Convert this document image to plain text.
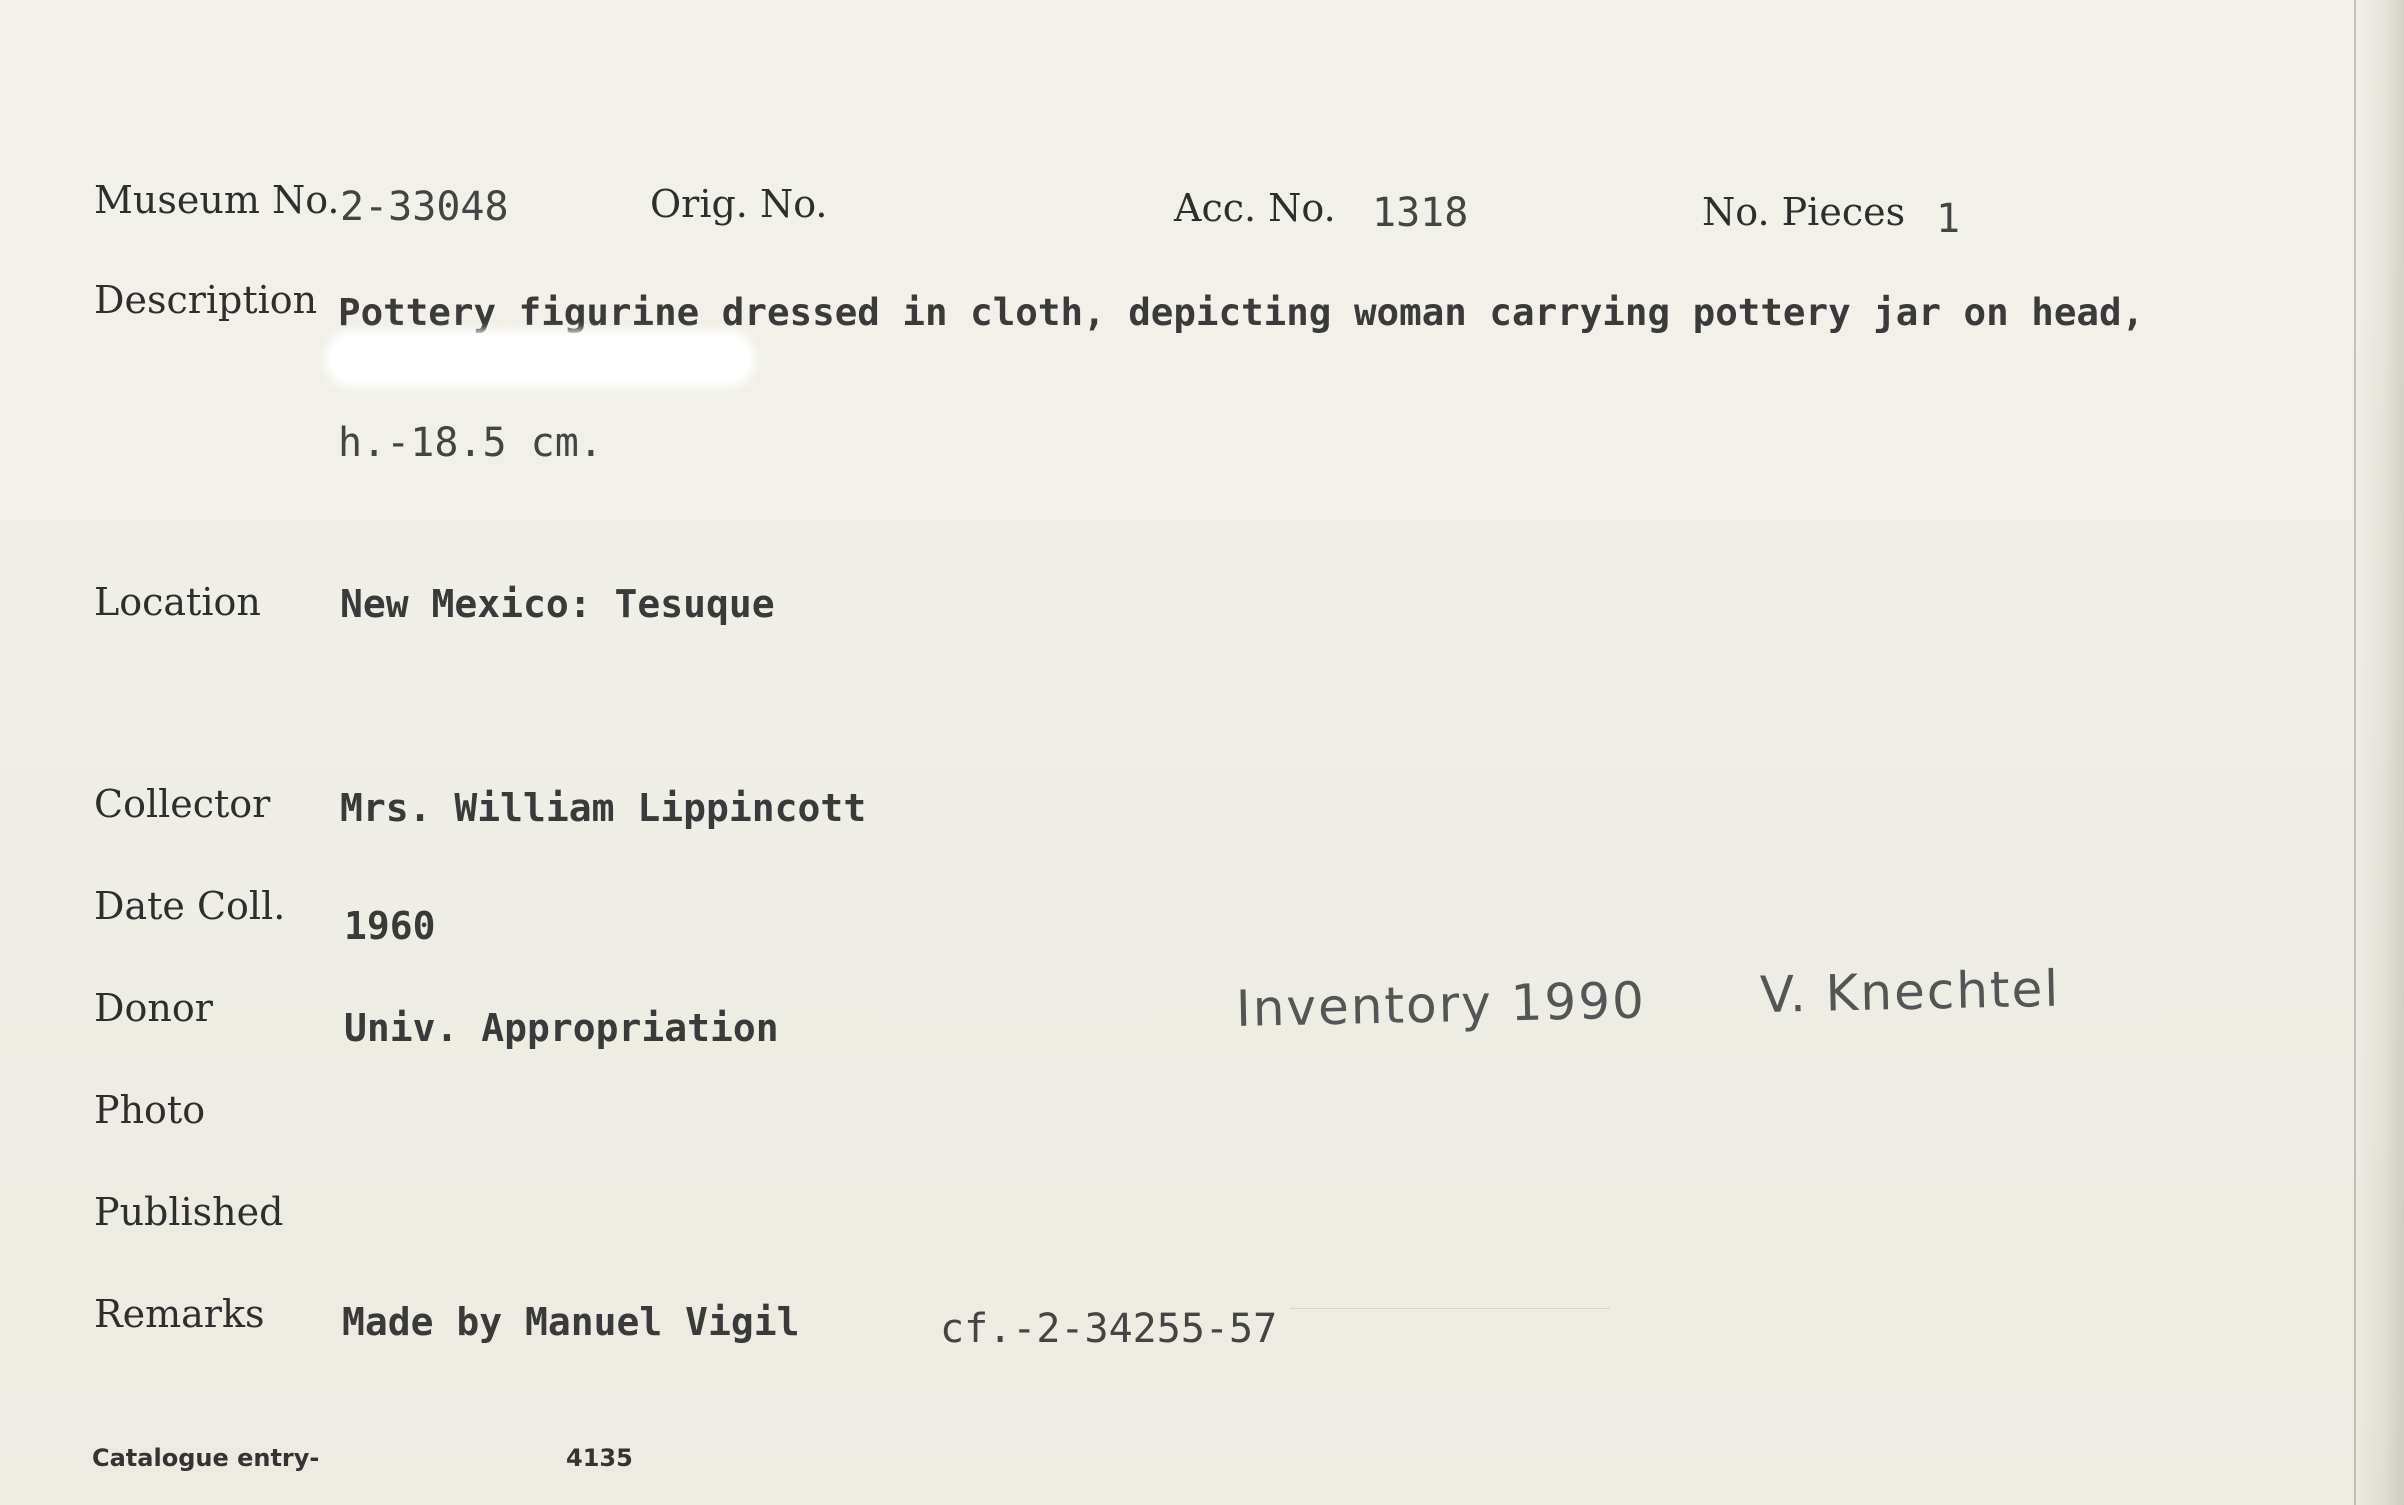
Museum No. 2-33048	Orig. No.	Acc. No. 1318	No. Pieces 1
Description Pottery figurine dressed in cloth, depicting woman carrying pottery jar on head,
h.-18.5 cm.
Location New Mexico: Tesuque
Collector Mrs. William Lippincott
Date Coll. 1960
Donor	Univ. Appropriation	Inventory 1990 V. Knechtel
Photo
Published
Remarks Made by Manuel Vigil	cf.-2-34255-57
Catalogue entry-	4135
